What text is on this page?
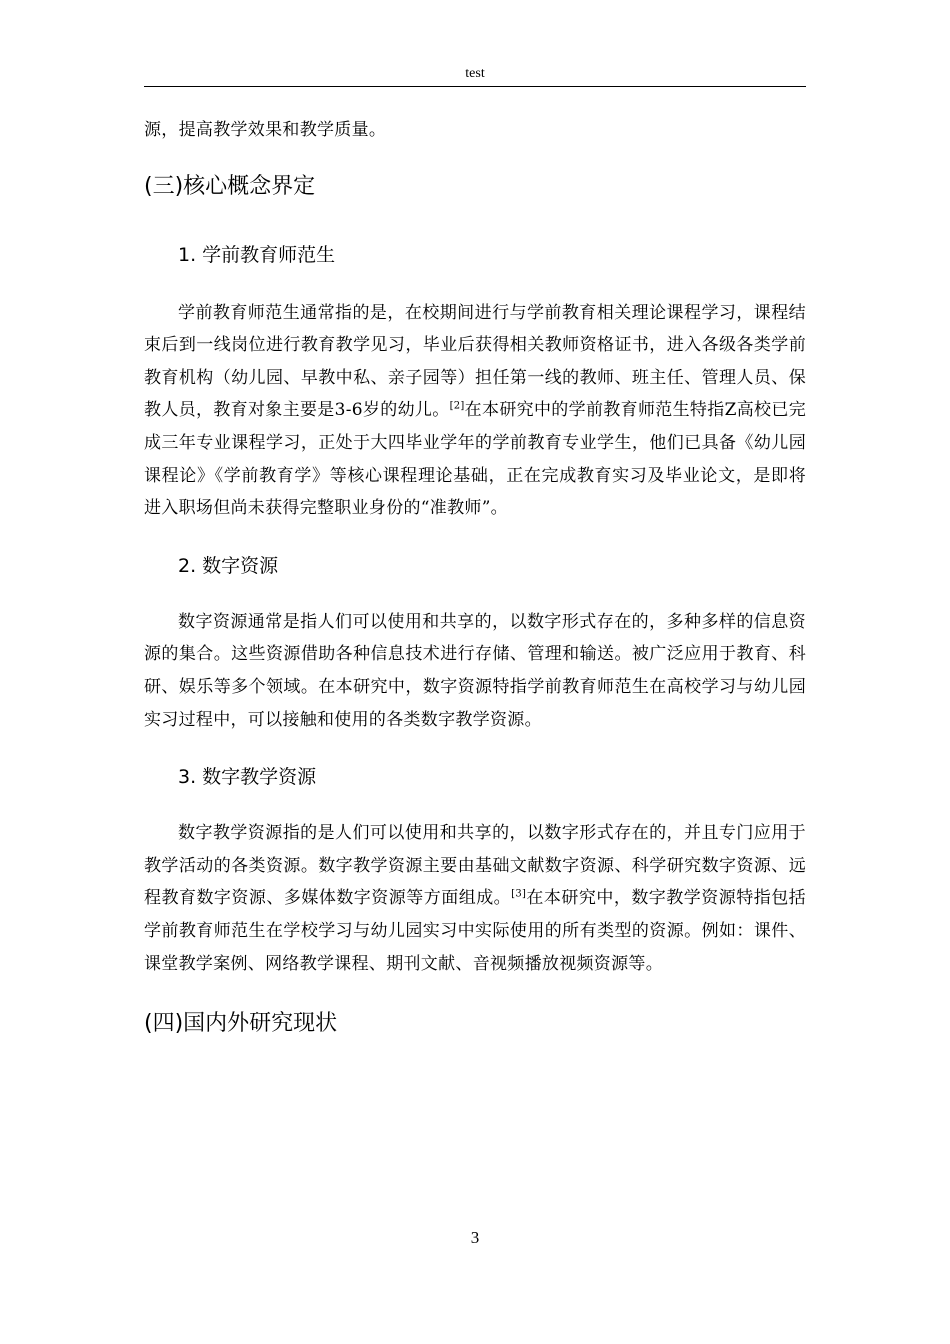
test

源，提高教学效果和教学质量。

(三)核心概念界定
1. 学前教育师范生

学前教育师范生通常指的是，在校期间进行与学前教育相关理论课程学习，课程结束后到一线岗位进行教育教学见习，毕业后获得相关教师资格证书，进入各级各类学前教育机构（幼儿园、早教中私、亲子园等）担任第一线的教师、班主任、管理人员、保教人员，教育对象主要是3-6岁的幼儿。[2]在本研究中的学前教育师范生特指Z高校已完成三年专业课程学习，正处于大四毕业学年的学前教育专业学生，他们已具备《幼儿园课程论》《学前教育学》等核心课程理论基础，正在完成教育实习及毕业论文，是即将进入职场但尚未获得完整职业身份的“准教师”。

2. 数字资源

数字资源通常是指人们可以使用和共享的，以数字形式存在的，多种多样的信息资源的集合。这些资源借助各种信息技术进行存储、管理和输送。被广泛应用于教育、科研、娱乐等多个领域。在本研究中，数字资源特指学前教育师范生在高校学习与幼儿园实习过程中，可以接触和使用的各类数字教学资源。

3. 数字教学资源

数字教学资源指的是人们可以使用和共享的，以数字形式存在的，并且专门应用于教学活动的各类资源。数字教学资源主要由基础文献数字资源、科学研究数字资源、远程教育数字资源、多媒体数字资源等方面组成。[3]在本研究中，数字教学资源特指包括学前教育师范生在学校学习与幼儿园实习中实际使用的所有类型的资源。例如：课件、课堂教学案例、网络教学课程、期刊文献、音视频播放视频资源等。

(四)国内外研究现状
3
